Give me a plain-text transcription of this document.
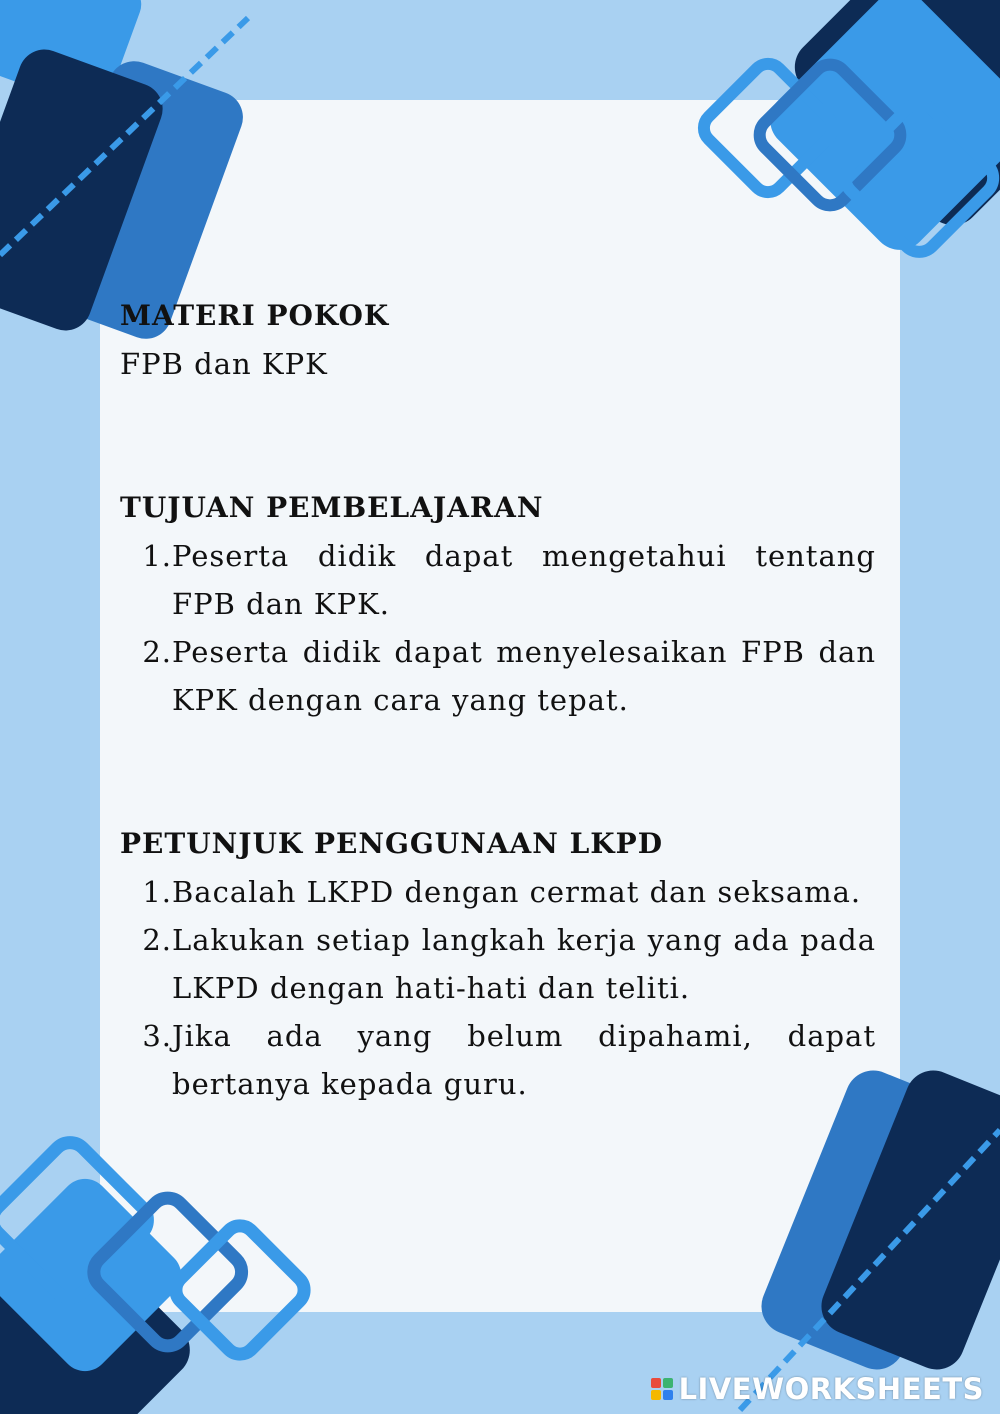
MATERI POKOK

FPB dan KPK

TUJUAN PEMBELAJARAN
1. Peserta didik dapat mengetahui tentang FPB dan KPK.
2. Peserta didik dapat menyelesaikan FPB dan KPK dengan cara yang tepat.
PETUNJUK PENGGUNAAN LKPD
1. Bacalah LKPD dengan cermat dan seksama.
2. Lakukan setiap langkah kerja yang ada pada LKPD dengan hati-hati dan teliti.
3. Jika ada yang belum dipahami, dapat bertanya kepada guru.
LIVEWORKSHEETS
